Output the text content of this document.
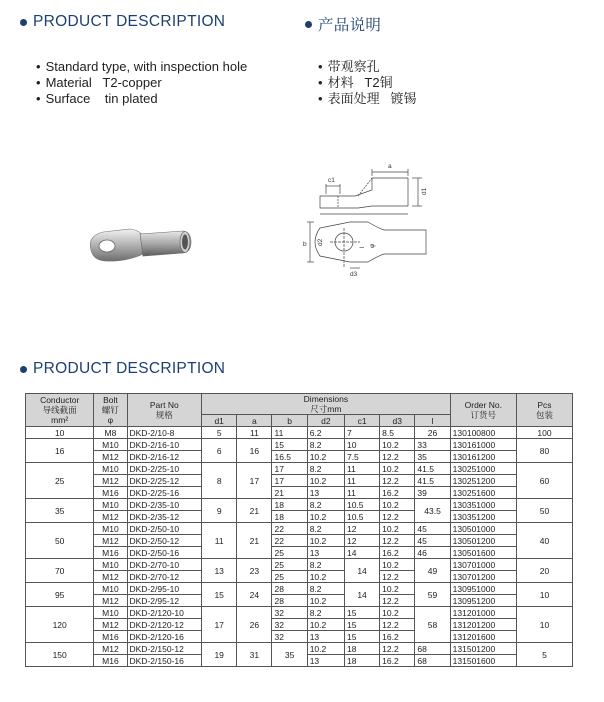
PRODUCT DESCRIPTION	产品说明
• Standard type, with inspection hole
• Material   T2-copper
• Surface    tin plated
• 带观察孔
• 材料   T2铜
• 表面处理   镀锡
a
c1
d1
b d2
l
d3
φ
PRODUCT DESCRIPTION
Conductor
导线截面
mm²	Bolt
螺钉
φ	Part No
规格	Dimensions
尺寸mm							Order No.
订货号	Pcs
包装

			d1	a	b	d2	c1	d3	l		
10	M8	DKD-2/10-8	5	11	11	6.2	7	8.5	26	130100800	100
16	M10	DKD-2/16-10	6	16	15	8.2	10	10.2	33	130161000	80
	M12	DKD-2/16-12			16.5	10.2	7.5	12.2	35	130161200	
25	M10	DKD-2/25-10	8	17	17	8.2	11	10.2	41.5	130251000	60
	M12	DKD-2/25-12			17	10.2	11	12.2	41.5	130251200	
	M16	DKD-2/25-16			21	13	11	16.2	39	130251600	
35	M10	DKD-2/35-10	9	21	18	8.2	10.5	10.2	43.5	130351000	50
	M12	DKD-2/35-12			18	10.2	10.5	12.2		130351200	
50	M10	DKD-2/50-10	11	21	22	8.2	12	10.2	45	130501000	40
	M12	DKD-2/50-12			22	10.2	12	12.2	45	130501200	
	M16	DKD-2/50-16			25	13	14	16.2	46	130501600	
70	M10	DKD-2/70-10	13	23	25	8.2	14	10.2	49	130701000	20
	M12	DKD-2/70-12			25	10.2		12.2		130701200	
95	M10	DKD-2/95-10	15	24	28	8.2	14	10.2	59	130951000	10
	M12	DKD-2/95-12			28	10.2		12.2		130951200	
120	M10	DKD-2/120-10	17	26	32	8.2	15	10.2	58	131201000	10
	M12	DKD-2/120-12			32	10.2	15	12.2		131201200	
	M16	DKD-2/120-16			32	13	15	16.2		131201600	
150	M12	DKD-2/150-12	19	31	35	10.2	18	12.2	68	131501200	5
	M16	DKD-2/150-16				13	18	16.2	68	131501600	
